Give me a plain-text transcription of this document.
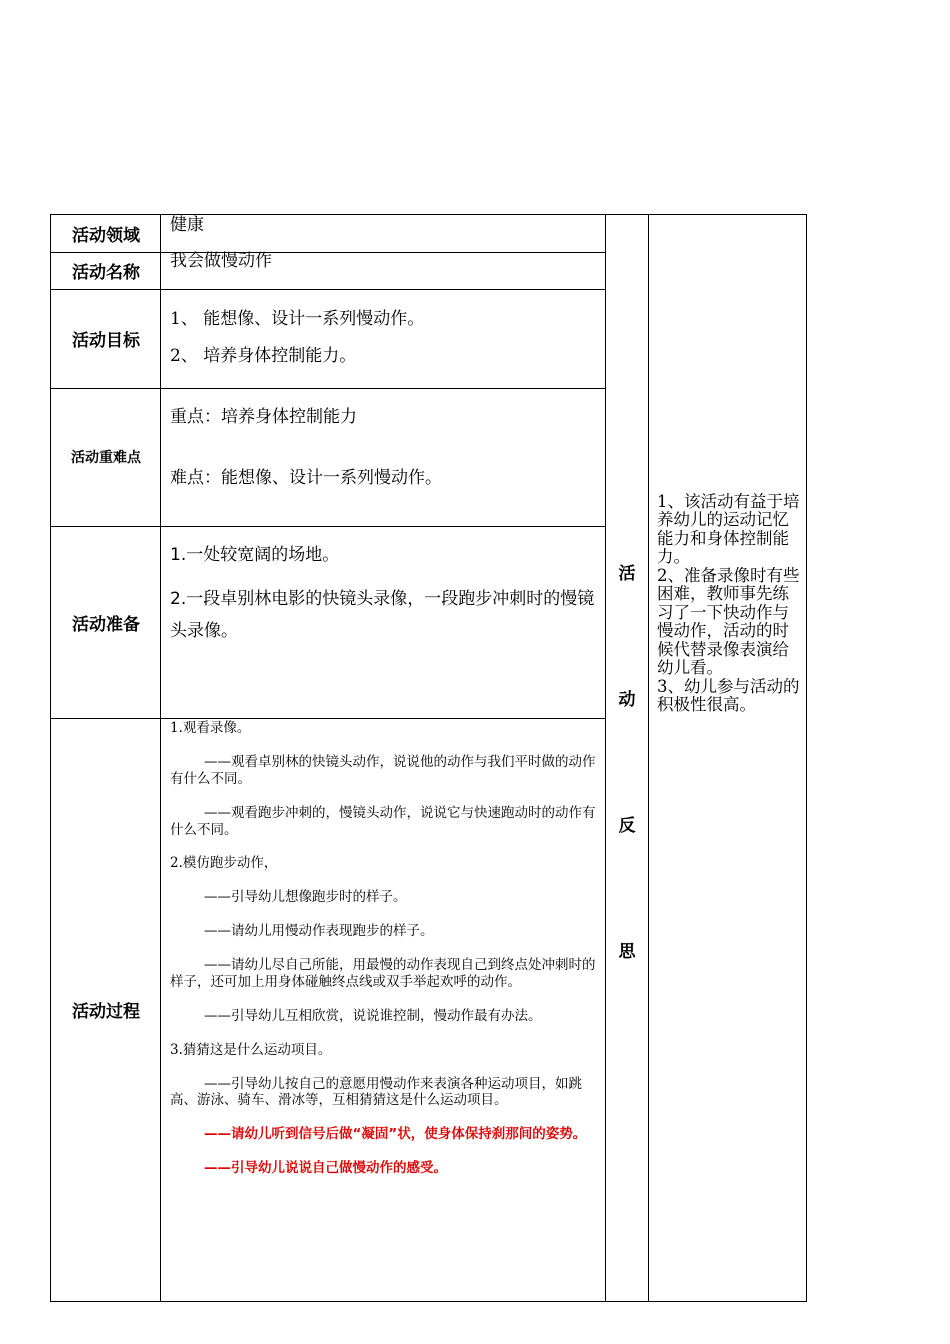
活动领域
活动名称
活动目标
活动重难点
活动准备
活动过程
健康
我会做慢动作
1、 能想像、设计一系列慢动作。
2、 培养身体控制能力。
重点：培养身体控制能力
难点：能想像、设计一系列慢动作。
1.一处较宽阔的场地。
2.一段卓别林电影的快镜头录像，一段跑步冲刺时的慢镜头录像。

1.观看录像。

——观看卓别林的快镜头动作，说说他的动作与我们平时做的动作有什么不同。

——观看跑步冲刺的，慢镜头动作，说说它与快速跑动时的动作有什么不同。

2.模仿跑步动作，

——引导幼儿想像跑步时的样子。

——请幼儿用慢动作表现跑步的样子。

——请幼儿尽自己所能，用最慢的动作表现自己到终点处冲刺时的样子，还可加上用身体碰触终点线或双手举起欢呼的动作。

——引导幼儿互相欣赏，说说谁控制，慢动作最有办法。

3.猜猜这是什么运动项目。

——引导幼儿按自己的意愿用慢动作来表演各种运动项目，如跳高、游泳、骑车、滑冰等，互相猜猜这是什么运动项目。

——请幼儿听到信号后做“凝固”状，使身体保持刹那间的姿势。

——引导幼儿说说自己做慢动作的感受。

活
动
反
思
1、该活动有益于培养幼儿的运动记忆能力和身体控制能力。
2、准备录像时有些困难，教师事先练习了一下快动作与慢动作，活动的时候代替录像表演给幼儿看。
3、幼儿参与活动的积极性很高。
